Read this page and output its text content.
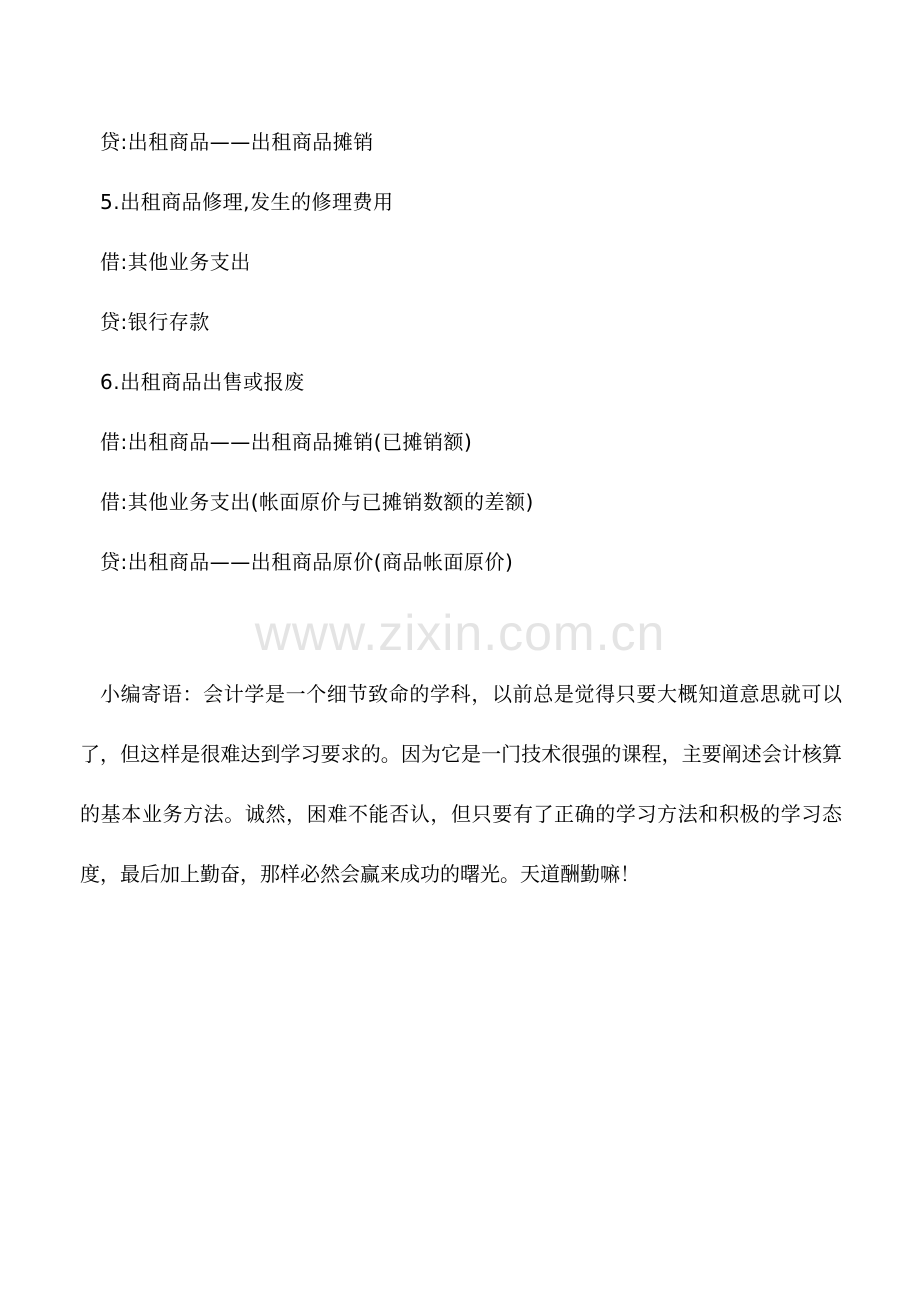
贷:出租商品——出租商品摊销
5.出租商品修理,发生的修理费用
借:其他业务支出
贷:银行存款
6.出租商品出售或报废
借:出租商品——出租商品摊销(已摊销额)
借:其他业务支出(帐面原价与已摊销数额的差额)
贷:出租商品——出租商品原价(商品帐面原价)
www.zixin.com.cn
小编寄语：会计学是一个细节致命的学科，以前总是觉得只要大概知道意思就可以了，但这样是很难达到学习要求的。因为它是一门技术很强的课程，主要阐述会计核算的基本业务方法。诚然，困难不能否认，但只要有了正确的学习方法和积极的学习态度，最后加上勤奋，那样必然会赢来成功的曙光。天道酬勤嘛！
